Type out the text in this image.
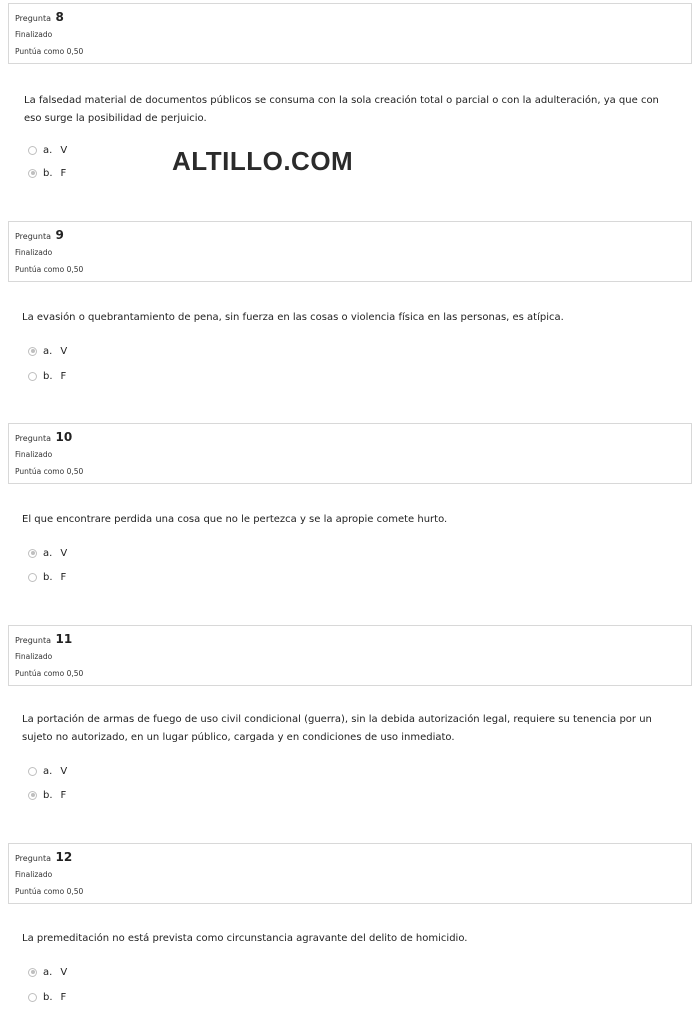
Pregunta 8
Finalizado
Puntúa como 0,50
La falsedad material de documentos públicos se consuma con la sola creación total o parcial o con la adulteración, ya que con eso surge la posibilidad de perjuicio.
a. V
b. F	ALTILLO.COM
Pregunta 9
Finalizado
Puntúa como 0,50
La evasión o quebrantamiento de pena, sin fuerza en las cosas o violencia física en las personas, es atípica.
a. V
b. F
Pregunta 10
Finalizado
Puntúa como 0,50
El que encontrare perdida una cosa que no le pertezca y se la apropie comete hurto.
a. V
b. F
Pregunta 11
Finalizado
Puntúa como 0,50
La portación de armas de fuego de uso civil condicional (guerra), sin la debida autorización legal, requiere su tenencia por un sujeto no autorizado, en un lugar público, cargada y en condiciones de uso inmediato.
a. V
b. F
Pregunta 12
Finalizado
Puntúa como 0,50
La premeditación no está prevista como circunstancia agravante del delito de homicidio.
a. V
b. F
